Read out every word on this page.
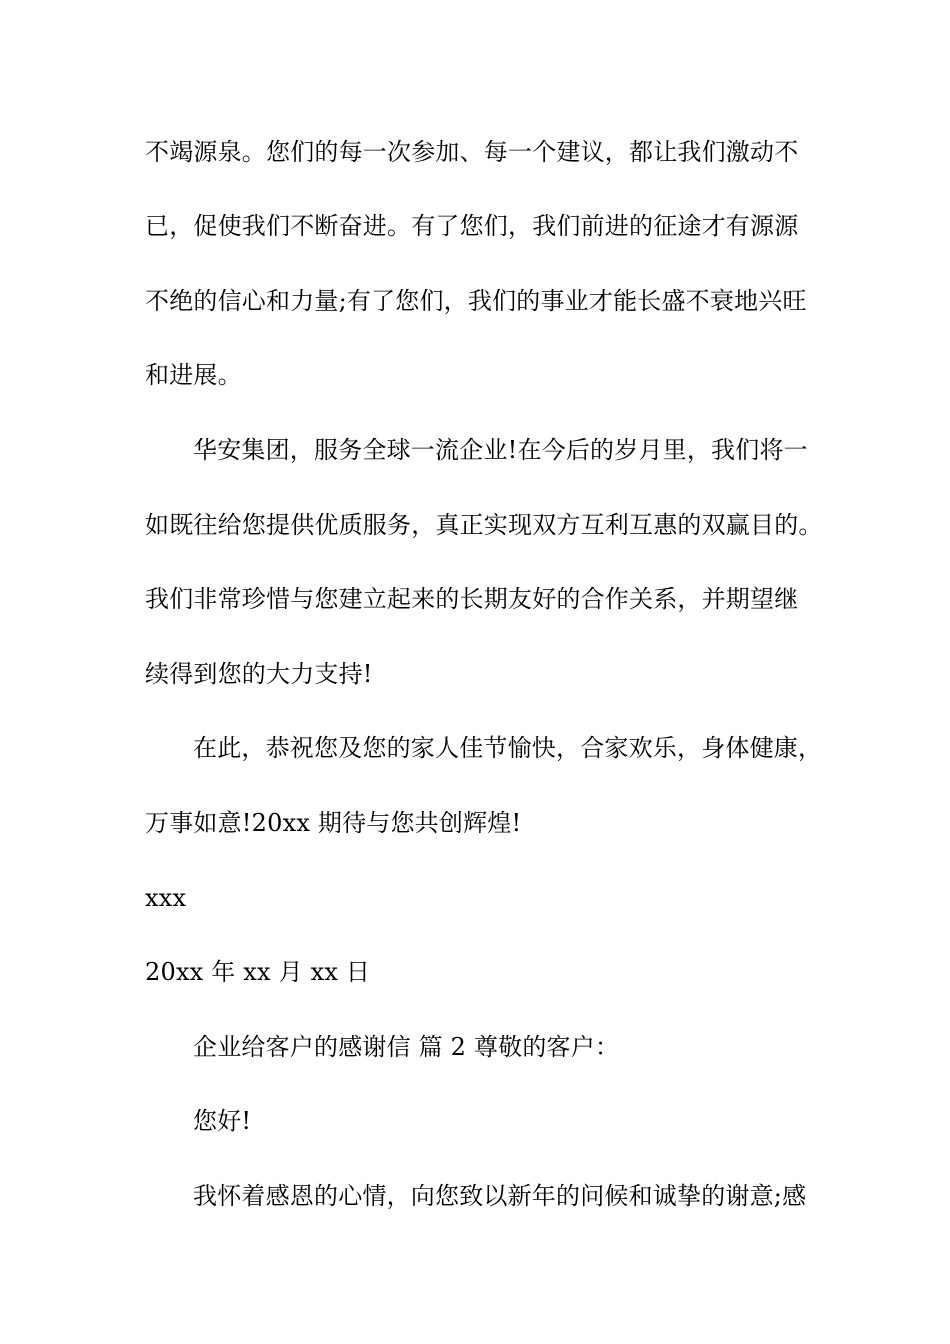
不竭源泉。您们的每一次参加、每一个建议，都让我们激动不
已，促使我们不断奋进。有了您们，我们前进的征途才有源源
不绝的信心和力量;有了您们，我们的事业才能长盛不衰地兴旺
和进展。
华安集团，服务全球一流企业!在今后的岁月里，我们将一
如既往给您提供优质服务，真正实现双方互利互惠的双赢目的。
我们非常珍惜与您建立起来的长期友好的合作关系，并期望继
续得到您的大力支持!
在此，恭祝您及您的家人佳节愉快，合家欢乐，身体健康，
万事如意!20xx 期待与您共创辉煌!
xxx
20xx 年 xx 月 xx 日
企业给客户的感谢信 篇 2 尊敬的客户：
您好!
我怀着感恩的心情，向您致以新年的问候和诚挚的谢意;感
